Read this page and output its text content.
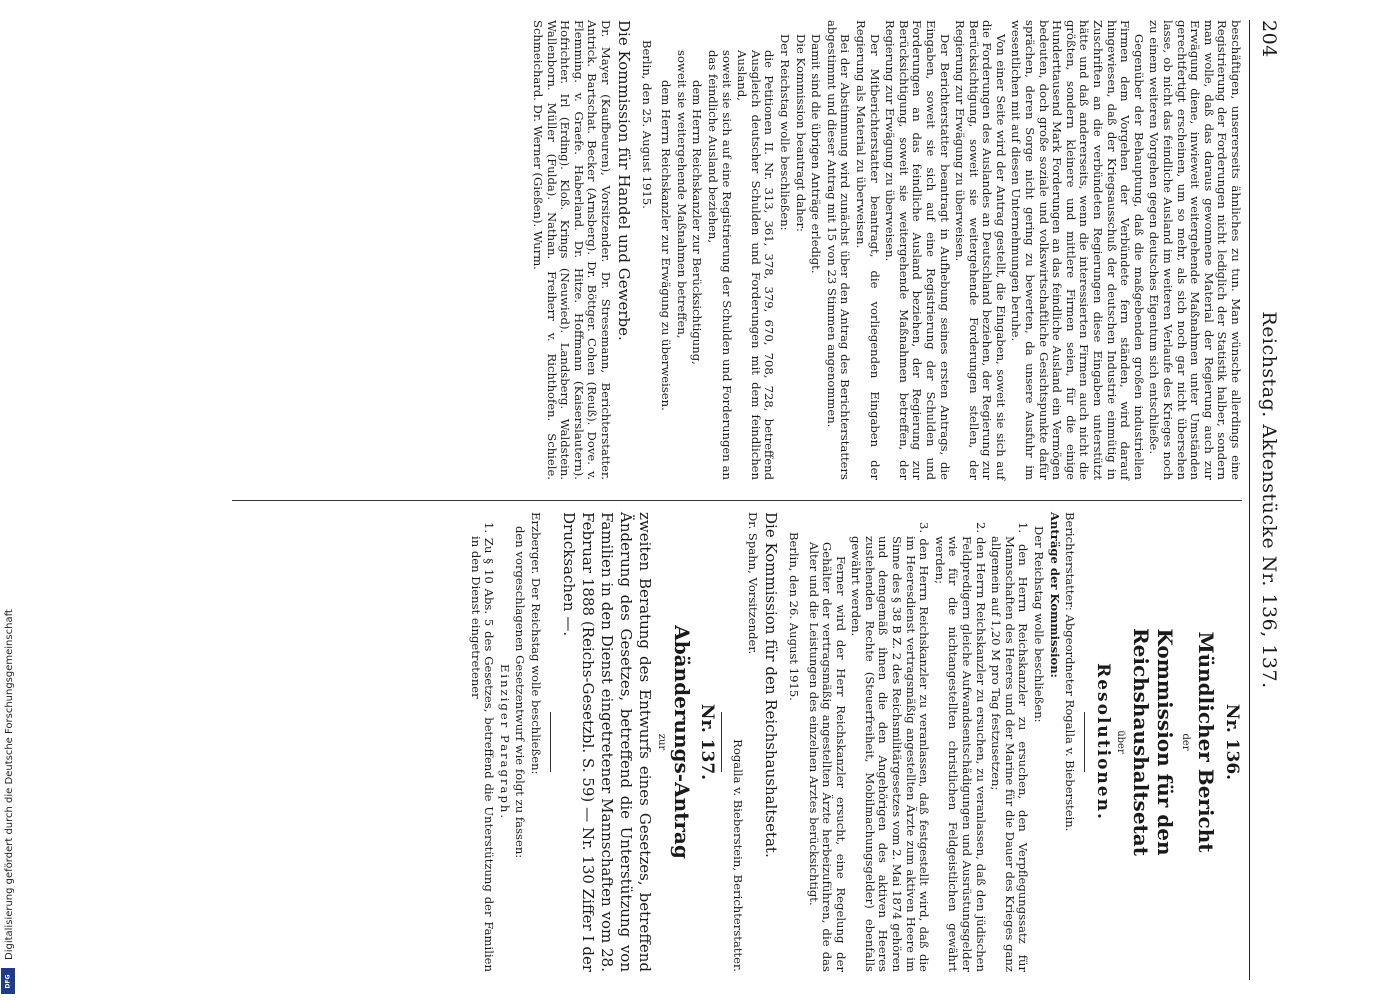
204
Reichstag. Aktenstücke Nr. 136, 137.

beschäftigen, unsererseits ähnliches zu tun. Man wünsche allerdings eine Registrierung der Forderungen nicht lediglich der Statistik halber, sondern man wolle, daß das daraus gewonnene Material der Regierung auch zur Erwägung diene, inwieweit weitergehende Maßnahmen unter Umständen gerechtfertigt erscheinen, um so mehr, als sich noch gar nicht übersehen lasse, ob nicht das feindliche Ausland im weiteren Verlaufe des Krieges noch zu einem weiteren Vorgehen gegen deutsches Eigentum sich entschließe.

Gegenüber der Behauptung, daß die maßgebenden großen industriellen Firmen dem Vorgehen der Verbündete fern ständen, wird darauf hingewiesen, daß der Kriegsausschuß der deutschen Industrie einmütig in Zuschriften an die verbündeten Regierungen diese Eingaben unterstützt hätte und daß andererseits, wenn die interessierten Firmen auch nicht die größten, sondern kleinere und mittlere Firmen seien, für die einige Hunderttausend Mark Forderungen an das feindliche Ausland ein Vermögen bedeuten, doch große soziale und volkswirtschaftliche Gesichtspunkte dafür sprächen, deren Sorge nicht gering zu bewerten, da unsere Ausfuhr im wesentlichen mit auf diesen Unternehmungen beruhe.

Von einer Seite wird der Antrag gestellt, die Eingaben, soweit sie sich auf die Forderungen des Auslandes an Deutschland beziehen, der Regierung zur Berücksichtigung, soweit sie weitergehende Forderungen stellen, der Regierung zur Erwägung zu überweisen.

Der Berichterstatter beantragt in Aufhebung seines ersten Antrags, die Eingaben, soweit sie sich auf eine Registrierung der Schulden und Forderungen an das feindliche Ausland beziehen, der Regierung zur Berücksichtigung, soweit sie weitergehende Maßnahmen betreffen, der Regierung zur Erwägung zu überweisen.

Der Mitberichterstatter beantragt, die vorliegenden Eingaben der Regierung als Material zu überweisen.

Bei der Abstimmung wird zunächst über den Antrag des Berichterstatters abgestimmt und dieser Antrag mit 15 von 23 Stimmen angenommen.

Damit sind die übrigen Anträge erledigt.

Die Kommission beantragt daher:

Der Reichstag wolle beschließen:

die Petitionen II. Nr. 313, 361, 378, 379, 670, 708, 728, betreffend Ausgleich deutscher Schulden und Forderungen mit dem feindlichen Ausland,

soweit sie sich auf eine Registrierung der Schulden und Forderungen an das feindliche Ausland beziehen,

dem Herrn Reichskanzler zur Berücksichtigung,

soweit sie weitergehende Maßnahmen betreffen,

dem Herrn Reichskanzler zur Erwägung zu überweisen.

Berlin, den 25. August 1915.

Die Kommission für Handel und Gewerbe.

Dr. Mayer (Kaufbeuren), Vorsitzender. Dr. Stresemann, Berichterstatter. Antrick. Bartschat. Becker (Arnsberg). Dr. Böttger. Cohen (Reuß). Dove. v. Flemming. v. Graefe. Haberland. Dr. Hitze. Hoffmann (Kaiserslautern). Hofrichter. Irl (Erding). Kloß. Krings (Neuwied). Landsberg. Waldstein. Wallenborn. Müller (Fulda). Nathan. Freiherr v. Richthofen. Schiele. Schmeichard. Dr. Werner (Gießen). Wurm.

Nr. 136.
Mündlicher Bericht
der
Kommission für den Reichshaushaltsetat
über
Resolutionen.

Berichterstatter: Abgeordneter Rogalla v. Bieberstein.

Anträge der Kommission:

Der Reichstag wolle beschließen:

1. den Herrn Reichskanzler zu ersuchen, den Verpflegungssatz für Mannschaften des Heeres und der Marine für die Dauer des Krieges ganz allgemein auf 1,20 M pro Tag festzusetzen;

2. den Herrn Reichskanzler zu ersuchen, zu veranlassen, daß den jüdischen Feldpredigern gleiche Aufwandsentschädigungen und Ausrüstungsgelder wie für die nichtangestellten christlichen Feldgeistlichen gewährt werden;

3. den Herrn Reichskanzler zu veranlassen, daß festgestellt wird, daß die im Heeresdienst vertragsmäßig angestellten Ärzte zum aktiven Heere im Sinne des § 38 B Z. 2 des Reichsmilitärgesetzes vom 2. Mai 1874 gehören und demgemäß ihnen die den Angehörigen des aktiven Heeres zustehenden Rechte (Steuerfreiheit, Mobilmachungsgelder) ebenfalls gewährt werden.

Ferner wird der Herr Reichskanzler ersucht, eine Regelung der Gehälter der vertragsmäßig angestellten Ärzte herbeizuführen, die das Alter und die Leistungen des einzelnen Arztes berücksichtigt.

Berlin, den 26. August 1915.

Die Kommission für den Reichshaushaltsetat.

Dr. Spahn, Vorsitzender.

Rogalla v. Bieberstein, Berichterstatter.

Nr. 137.
Abänderungs-Antrag
zur

zweiten Beratung des Entwurfs eines Gesetzes, betreffend Änderung des Gesetzes, betreffend die Unterstützung von Familien in den Dienst eingetretener Mannschaften vom 28. Februar 1888 (Reichs-Gesetzbl. S. 59) — Nr. 130 Ziffer I der Drucksachen —.

Erzberger. Der Reichstag wolle beschließen:

den vorgeschlagenen Gesetzentwurf wie folgt zu fassen:

Einziger Paragraph.

1. Zu § 10 Abs. 5 des Gesetzes, betreffend die Unterstützung der Familien in den Dienst eingetretener

Digitalisierung gefördert durch die Deutsche Forschungsgemeinschaft
DFG
